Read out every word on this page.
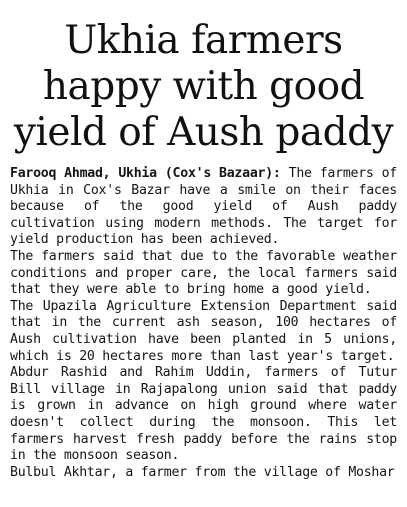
Ukhia farmers
happy with good
yield of Aush paddy

Farooq Ahmad, Ukhia (Cox's Bazaar): The farmers of Ukhia in Cox's Bazar have a smile on their faces because of the good yield of Aush paddy cultivation using modern methods. The target for yield production has been achieved.

The farmers said that due to the favorable weather conditions and proper care, the local farmers said that they were able to bring home a good yield.

The Upazila Agriculture Extension Department said that in the current ash season, 100 hectares of Aush cultivation have been planted in 5 unions, which is 20 hectares more than last year's target.

Abdur Rashid and Rahim Uddin, farmers of Tutur Bill village in Rajapalong union said that paddy is grown in advance on high ground where water doesn't collect during the monsoon. This let farmers harvest fresh paddy before the rains stop in the monsoon season.

Bulbul Akhtar, a farmer from the village of Moshar
